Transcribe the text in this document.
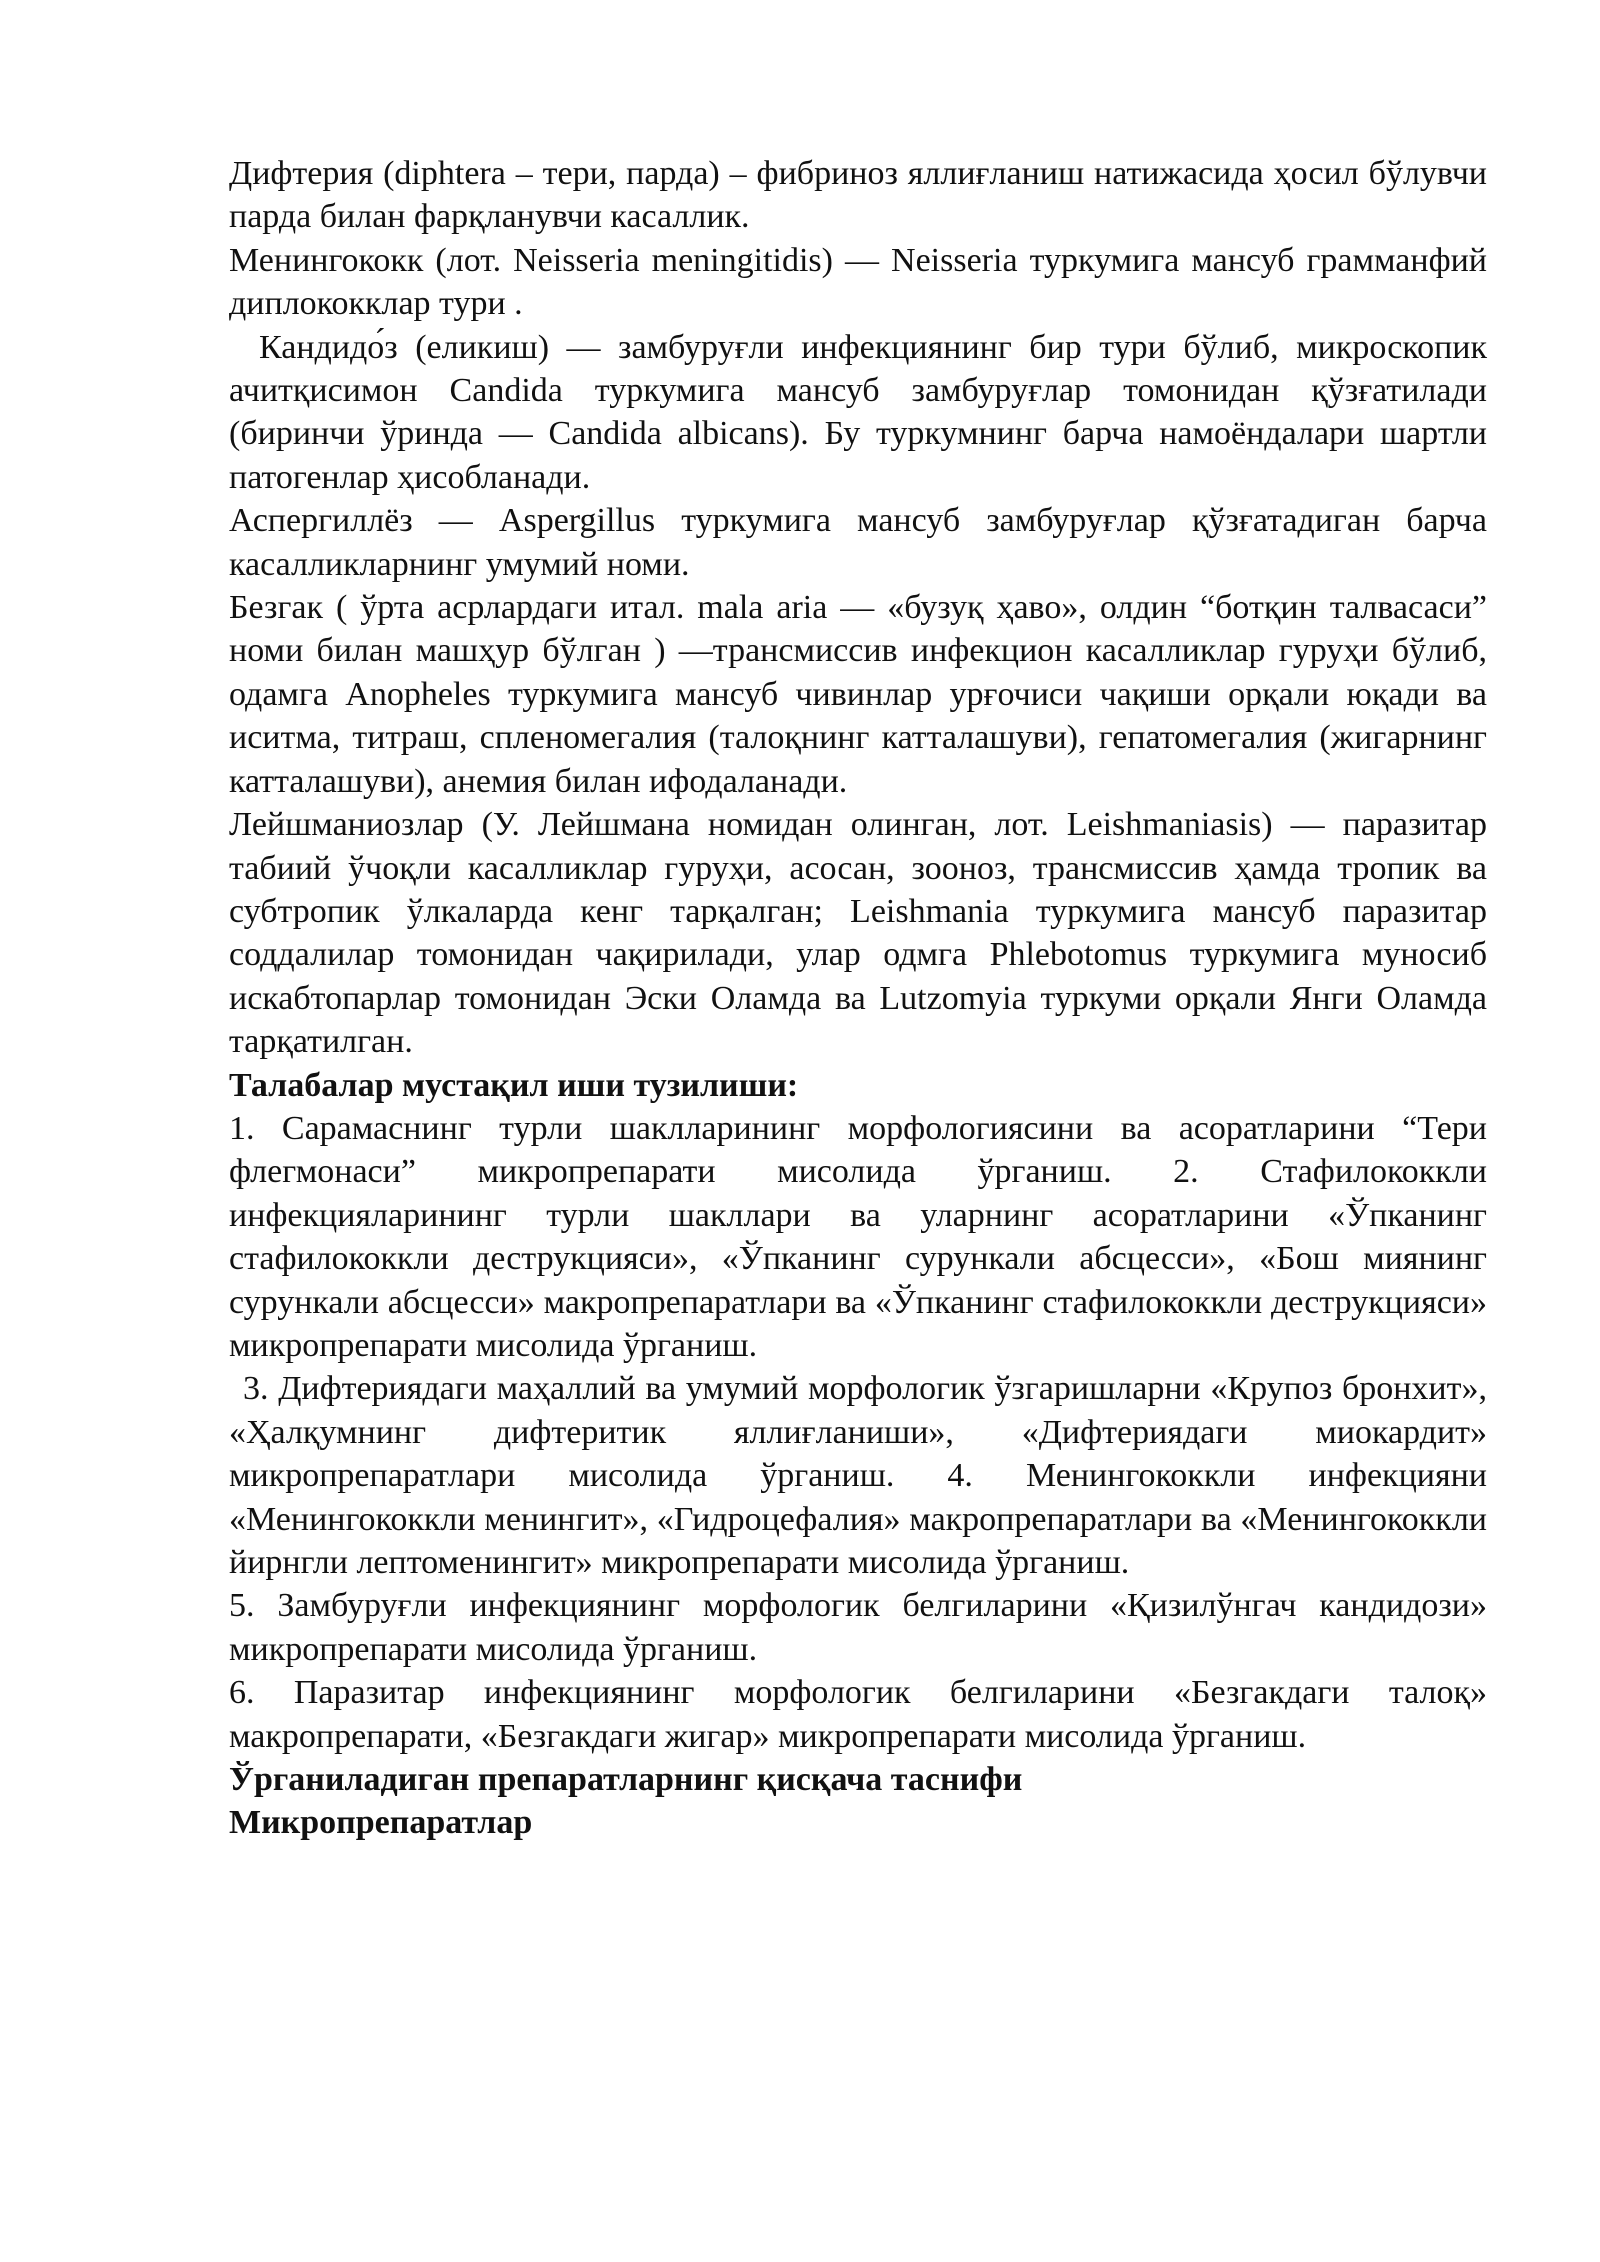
Дифтерия (diphtera – тери, парда) – фибриноз яллиғланиш натижасида ҳосил бўлувчи парда билан фарқланувчи касаллик.

Менингококк (лот. Neisseria meningitidis) — Neisseria туркумига мансуб грамманфий диплококклар тури .

Кандидо́з (еликиш) — замбуруғли инфекциянинг бир тури бўлиб, микроскопик ачитқисимон Candida туркумига мансуб замбуруғлар томонидан қўзғатилади (биринчи ўринда — Candida albicans). Бу туркумнинг барча намоёндалари шартли патогенлар ҳисобланади.

Аспергиллёз — Aspergillus туркумига мансуб замбуруғлар қўзғатадиган барча касалликларнинг умумий номи.

Безгак ( ўрта асрлардаги итал. mala aria — «бузуқ ҳаво», олдин “ботқин талвасаси” номи билан машҳур бўлган ) —трансмиссив инфекцион касалликлар гуруҳи бўлиб, одамга Anopheles туркумига мансуб чивинлар урғочиси чақиши орқали юқади ва иситма, титраш, спленомегалия (талоқнинг катталашуви), гепатомегалия (жигарнинг катталашуви), анемия билан ифодаланади.

Лейшманиозлар (У. Лейшмана номидан олинган, лот. Leishmaniasis) — паразитар табиий ўчоқли касалликлар гуруҳи, асосан, зооноз, трансмиссив ҳамда тропик ва субтропик ўлкаларда кенг тарқалган; Leishmania туркумига мансуб паразитар соддалилар томонидан чақирилади, улар одмга Phlebotomus туркумига муносиб искабтопарлар томонидан Эски Оламда ва Lutzomyia туркуми орқали Янги Оламда тарқатилган.

Талабалар мустақил иши тузилиши:

1. Сарамаснинг турли шаклларининг морфологиясини ва асоратларини “Тери флегмонаси” микропрепарати мисолида ўрганиш. 2. Стафилококкли инфекцияларининг турли шакллари ва уларнинг асоратларини «Ўпканинг стафилококкли деструкцияси», «Ўпканинг сурункали абсцесси», «Бош миянинг сурункали абсцесси» макропрепаратлари ва «Ўпканинг стафилококкли деструкцияси» микропрепарати мисолида ўрганиш.

3. Дифтериядаги маҳаллий ва умумий морфологик ўзгаришларни «Крупоз бронхит», «Ҳалқумнинг дифтеритик яллиғланиши», «Дифтериядаги миокардит» микропрепаратлари мисолида ўрганиш. 4. Менингококкли инфекцияни «Менингококкли менингит», «Гидроцефалия» макропрепаратлари ва «Менингококкли йирнгли лептоменингит» микропрепарати мисолида ўрганиш.

5. Замбуруғли инфекциянинг морфологик белгиларини «Қизилўнгач кандидози» микропрепарати мисолида ўрганиш.

6. Паразитар инфекциянинг морфологик белгиларини «Безгакдаги талоқ» макропрепарати, «Безгакдаги жигар» микропрепарати мисолида ўрганиш.

Ўрганиладиган препаратларнинг қисқача таснифи

Микропрепаратлар
